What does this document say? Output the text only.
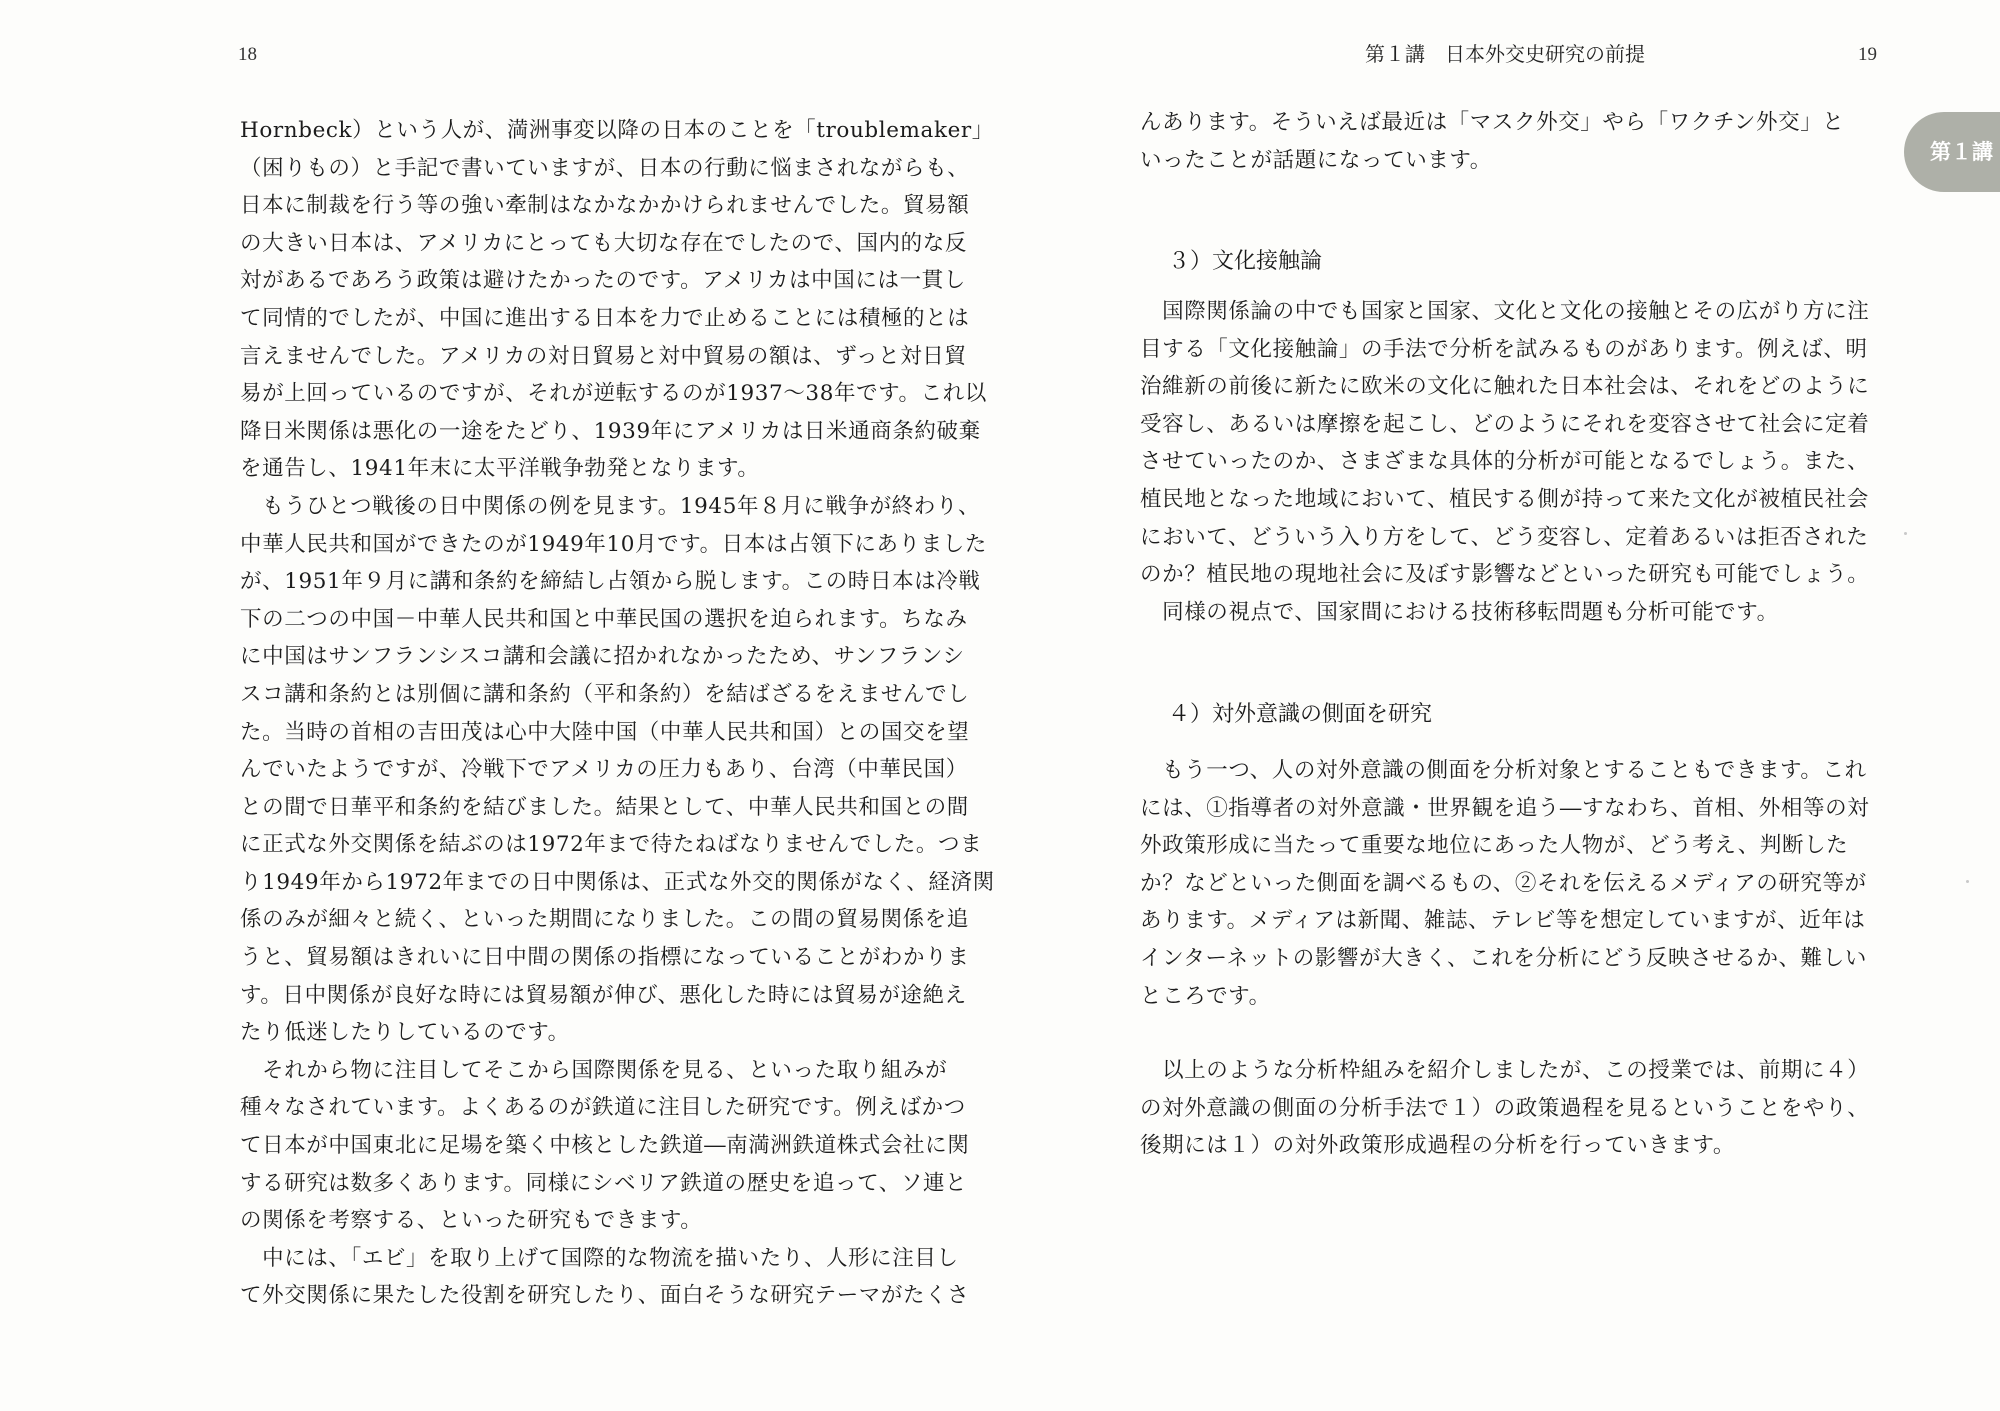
18
Hornbeck）という人が、満洲事変以降の日本のことを「troublemaker」
（困りもの）と手記で書いていますが、日本の行動に悩まされながらも、
日本に制裁を行う等の強い牽制はなかなかかけられませんでした。貿易額
の大きい日本は、アメリカにとっても大切な存在でしたので、国内的な反
対があるであろう政策は避けたかったのです。アメリカは中国には一貫し
て同情的でしたが、中国に進出する日本を力で止めることには積極的とは
言えませんでした。アメリカの対日貿易と対中貿易の額は、ずっと対日貿
易が上回っているのですが、それが逆転するのが1937〜38年です。これ以
降日米関係は悪化の一途をたどり、1939年にアメリカは日米通商条約破棄
を通告し、1941年末に太平洋戦争勃発となります。
　もうひとつ戦後の日中関係の例を見ます。1945年８月に戦争が終わり、
中華人民共和国ができたのが1949年10月です。日本は占領下にありました
が、1951年９月に講和条約を締結し占領から脱します。この時日本は冷戦
下の二つの中国－中華人民共和国と中華民国の選択を迫られます。ちなみ
に中国はサンフランシスコ講和会議に招かれなかったため、サンフランシ
スコ講和条約とは別個に講和条約（平和条約）を結ばざるをえませんでし
た。当時の首相の吉田茂は心中大陸中国（中華人民共和国）との国交を望
んでいたようですが、冷戦下でアメリカの圧力もあり、台湾（中華民国）
との間で日華平和条約を結びました。結果として、中華人民共和国との間
に正式な外交関係を結ぶのは1972年まで待たねばなりませんでした。つま
り1949年から1972年までの日中関係は、正式な外交的関係がなく、経済関
係のみが細々と続く、といった期間になりました。この間の貿易関係を追
うと、貿易額はきれいに日中間の関係の指標になっていることがわかりま
す。日中関係が良好な時には貿易額が伸び、悪化した時には貿易が途絶え
たり低迷したりしているのです。
　それから物に注目してそこから国際関係を見る、といった取り組みが
種々なされています。よくあるのが鉄道に注目した研究です。例えばかつ
て日本が中国東北に足場を築く中核とした鉄道―南満洲鉄道株式会社に関
する研究は数多くあります。同様にシベリア鉄道の歴史を追って、ソ連と
の関係を考察する、といった研究もできます。
　中には、「エビ」を取り上げて国際的な物流を描いたり、人形に注目し
て外交関係に果たした役割を研究したり、面白そうな研究テーマがたくさ
第１講　日本外交史研究の前提	19
第１講
んあります。そういえば最近は「マスク外交」やら「ワクチン外交」と
いったことが話題になっています。
３）文化接触論
　国際関係論の中でも国家と国家、文化と文化の接触とその広がり方に注
目する「文化接触論」の手法で分析を試みるものがあります。例えば、明
治維新の前後に新たに欧米の文化に触れた日本社会は、それをどのように
受容し、あるいは摩擦を起こし、どのようにそれを変容させて社会に定着
させていったのか、さまざまな具体的分析が可能となるでしょう。また、
植民地となった地域において、植民する側が持って来た文化が被植民社会
において、どういう入り方をして、どう変容し、定着あるいは拒否された
のか？植民地の現地社会に及ぼす影響などといった研究も可能でしょう。
　同様の視点で、国家間における技術移転問題も分析可能です。
４）対外意識の側面を研究
　もう一つ、人の対外意識の側面を分析対象とすることもできます。これ
には、①指導者の対外意識・世界観を追う―すなわち、首相、外相等の対
外政策形成に当たって重要な地位にあった人物が、どう考え、判断した
か？などといった側面を調べるもの、②それを伝えるメディアの研究等が
あります。メディアは新聞、雑誌、テレビ等を想定していますが、近年は
インターネットの影響が大きく、これを分析にどう反映させるか、難しい
ところです。
　以上のような分析枠組みを紹介しましたが、この授業では、前期に４）
の対外意識の側面の分析手法で１）の政策過程を見るということをやり、
後期には１）の対外政策形成過程の分析を行っていきます。
